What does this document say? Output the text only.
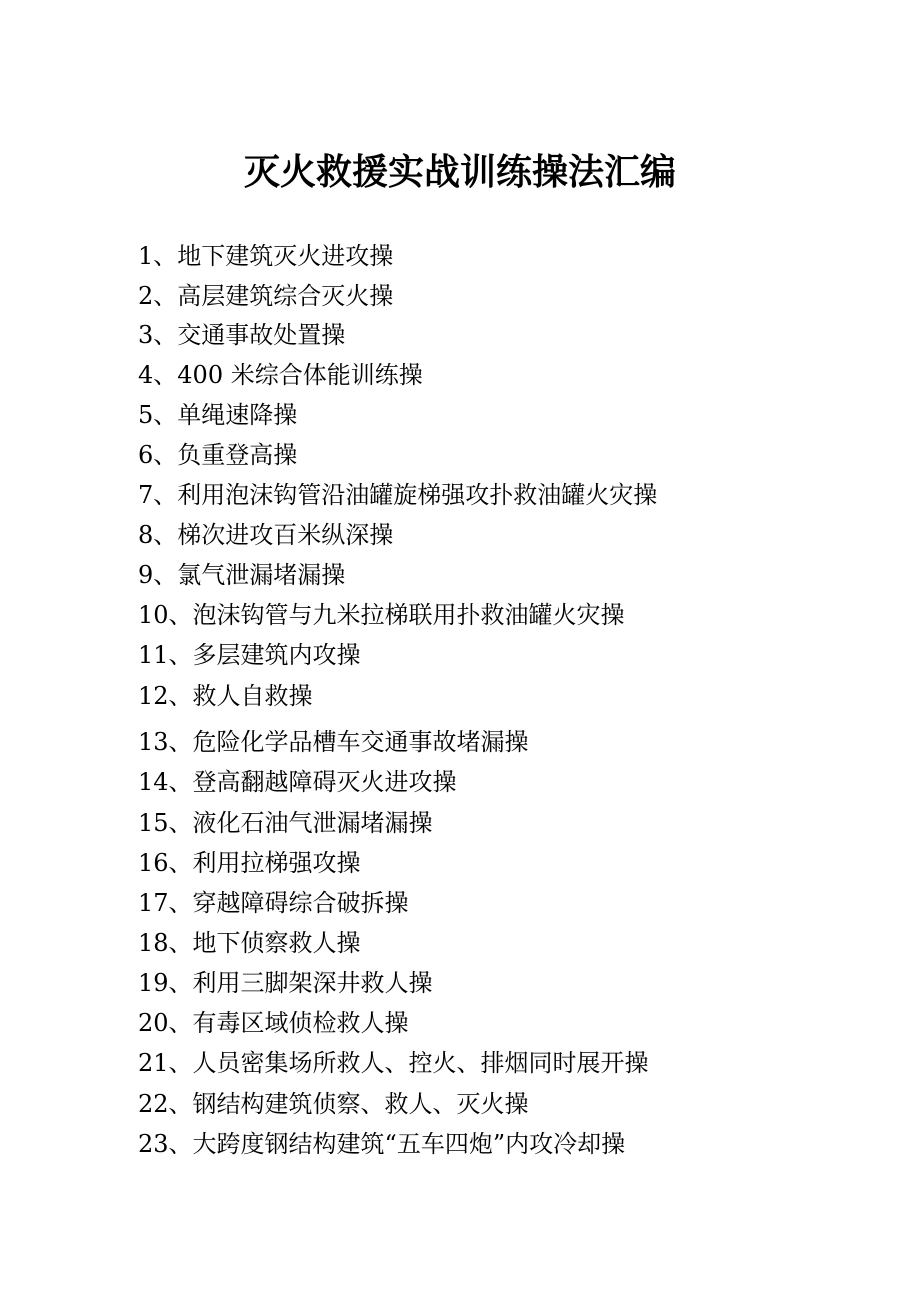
灭火救援实战训练操法汇编
1、地下建筑灭火进攻操
2、高层建筑综合灭火操
3、交通事故处置操
4、400 米综合体能训练操
5、单绳速降操
6、负重登高操
7、利用泡沫钩管沿油罐旋梯强攻扑救油罐火灾操
8、梯次进攻百米纵深操
9、氯气泄漏堵漏操
10、泡沫钩管与九米拉梯联用扑救油罐火灾操
11、多层建筑内攻操
12、救人自救操
13、危险化学品槽车交通事故堵漏操
14、登高翻越障碍灭火进攻操
15、液化石油气泄漏堵漏操
16、利用拉梯强攻操
17、穿越障碍综合破拆操
18、地下侦察救人操
19、利用三脚架深井救人操
20、有毒区域侦检救人操
21、人员密集场所救人、控火、排烟同时展开操
22、钢结构建筑侦察、救人、灭火操
23、大跨度钢结构建筑“五车四炮”内攻冷却操
